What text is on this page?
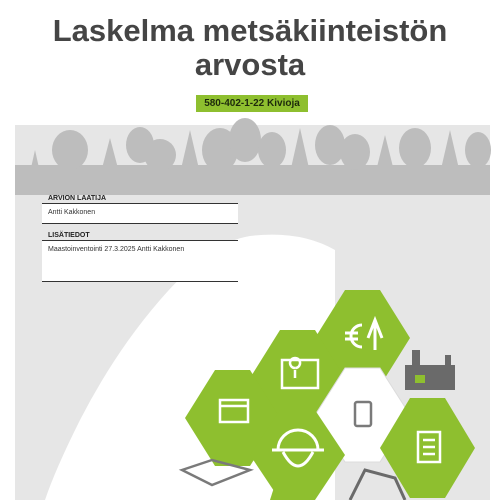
Laskelma metsäkiinteistön
arvosta
580-402-1-22 Kivioja
ARVION LAATIJA
Antti Kakkonen
LISÄTIEDOT
Maastoinventointi 27.3.2025 Antti Kakkonen
